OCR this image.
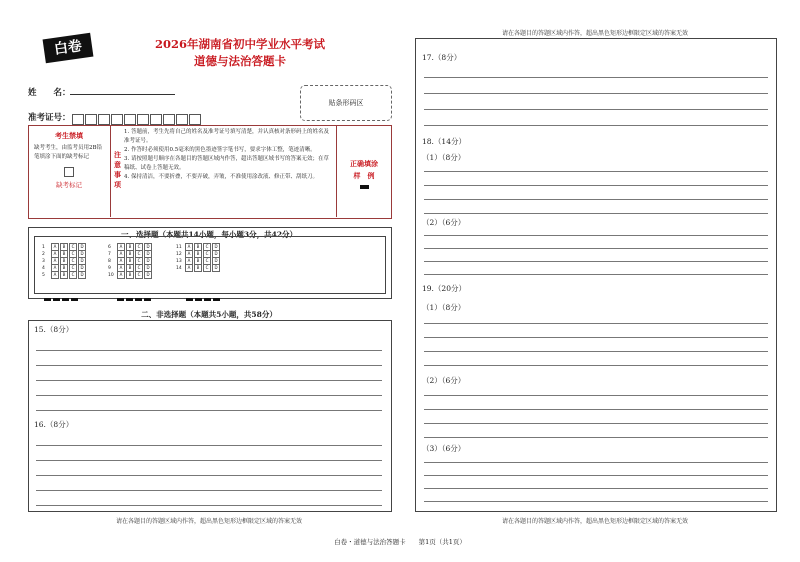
白卷	2026年湖南省初中学业水平考试
道德与法治答题卡
姓　　名：
准考证号：
贴条形码区
考生禁填
缺考考生，由监考员用2B铅笔填涂下面的缺考标记
缺考标记
注意事项
1. 答题前，考生先将自己的姓名及准考证号填写清楚，并认真核对条形码上的姓名及准考证号。
2. 作答时必须使用0.5毫米的黑色墨迹签字笔书写，要求字体工整，笔迹清晰。
3. 请按照题号顺序在各题目的答题区域内作答，超出答题区域书写的答案无效；在草稿纸、试卷上答题无效。
4. 保持清洁，不要折叠，不要弄破，弄皱，不准使用涂改液、修正带、刮纸刀。
正确填涂
样　例
一、选择题（本题共14小题，每小题3分，共42分）
1 A B C D
2 A B C D
3 A B C D
4 A B C D
5 A B C D
6 A B C D
7 A B C D
8 A B C D
9 A B C D
10 A B C D
11 A B C D
12 A B C D
13 A B C D
14 A B C D
二、非选择题（本题共5小题，共58分）
15.（8分）
16.（8分）
请在各题目的答题区域内作答，超出黑色矩形边框限定区域的答案无效
请在各题目的答题区域内作答，超出黑色矩形边框限定区域的答案无效
17.（8分）
18.（14分）
（1）（8分）
（2）（6分）
19.（20分）
（1）（8分）
（2）（6分）
（3）（6分）
请在各题目的答题区域内作答，超出黑色矩形边框限定区域的答案无效
白卷・道德与法治答题卡　　第1页（共1页）
